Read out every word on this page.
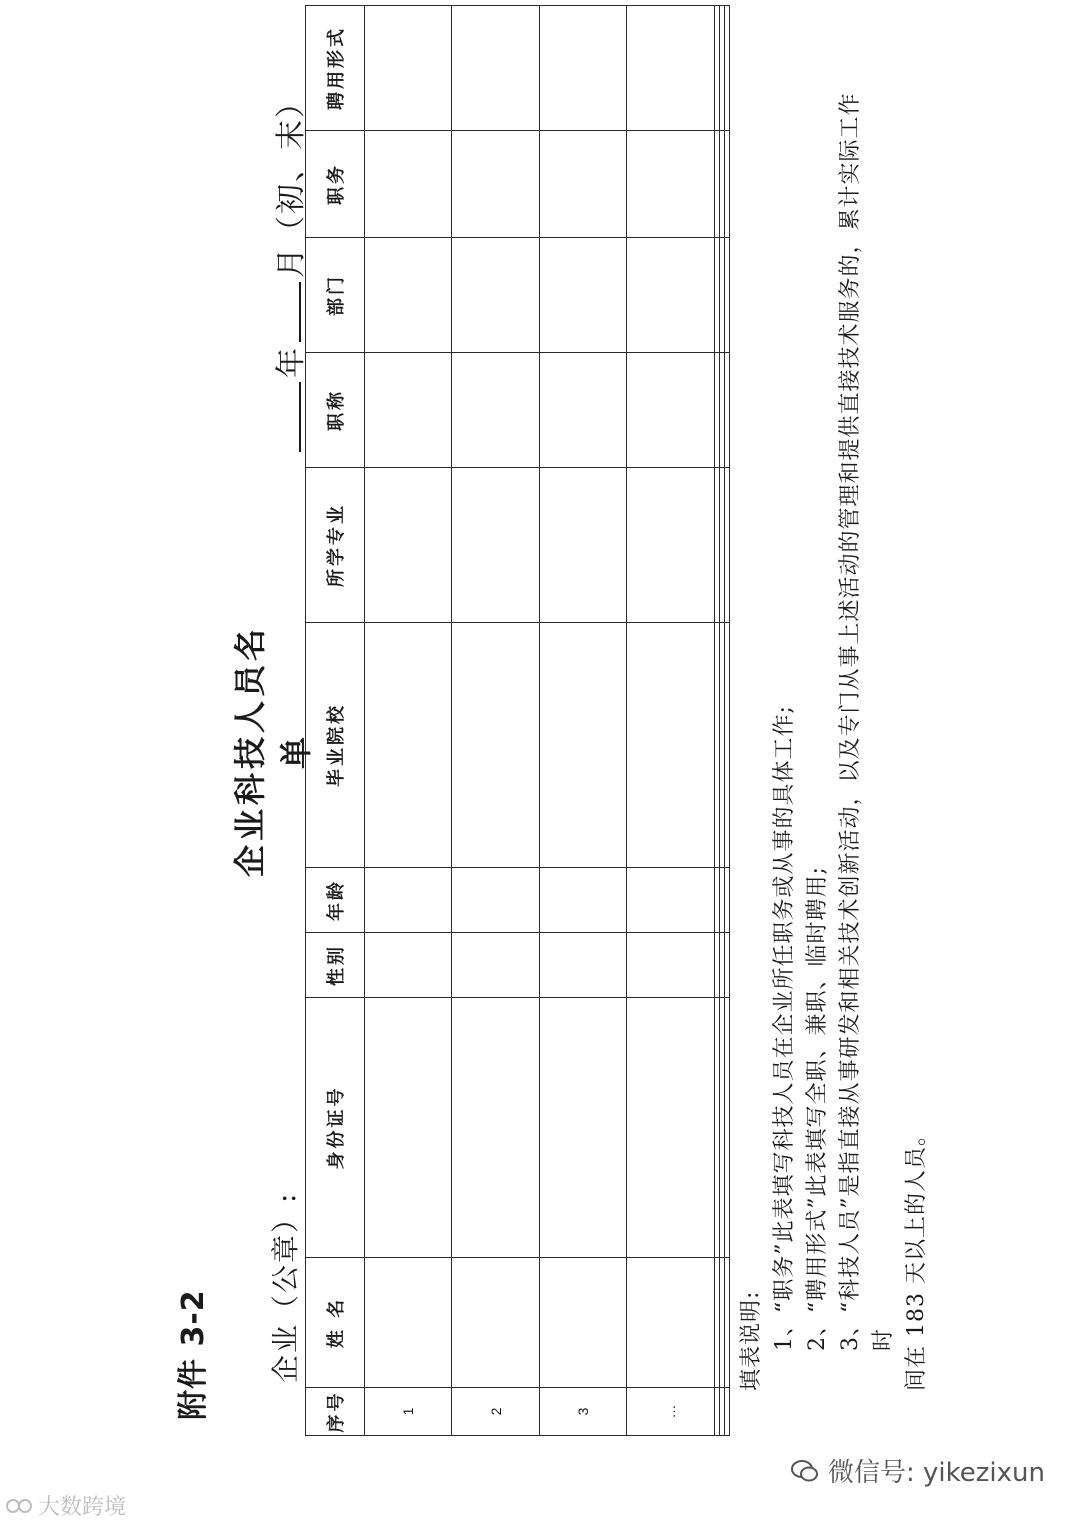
附件 3-2
企业科技人员名单
企业（公章）:
年月（初、末）
序号	姓 名	身份证号	性别	年龄	毕业院校	所学专业	职称	部门	职务	聘用形式
1										
2										
3										
…										

填表说明: 1、“职务”此表填写科技人员在企业所任职务或从事的具体工作; 2、“聘用形式”此表填写全职、兼职、临时聘用; 3、“科技人员”是指直接从事研发和相关技术创新活动，以及专门从事上述活动的管理和提供直接技术服务的，累计实际工作时 间在 183 天以上的人员。

微信号: yikezixun
大数跨境
